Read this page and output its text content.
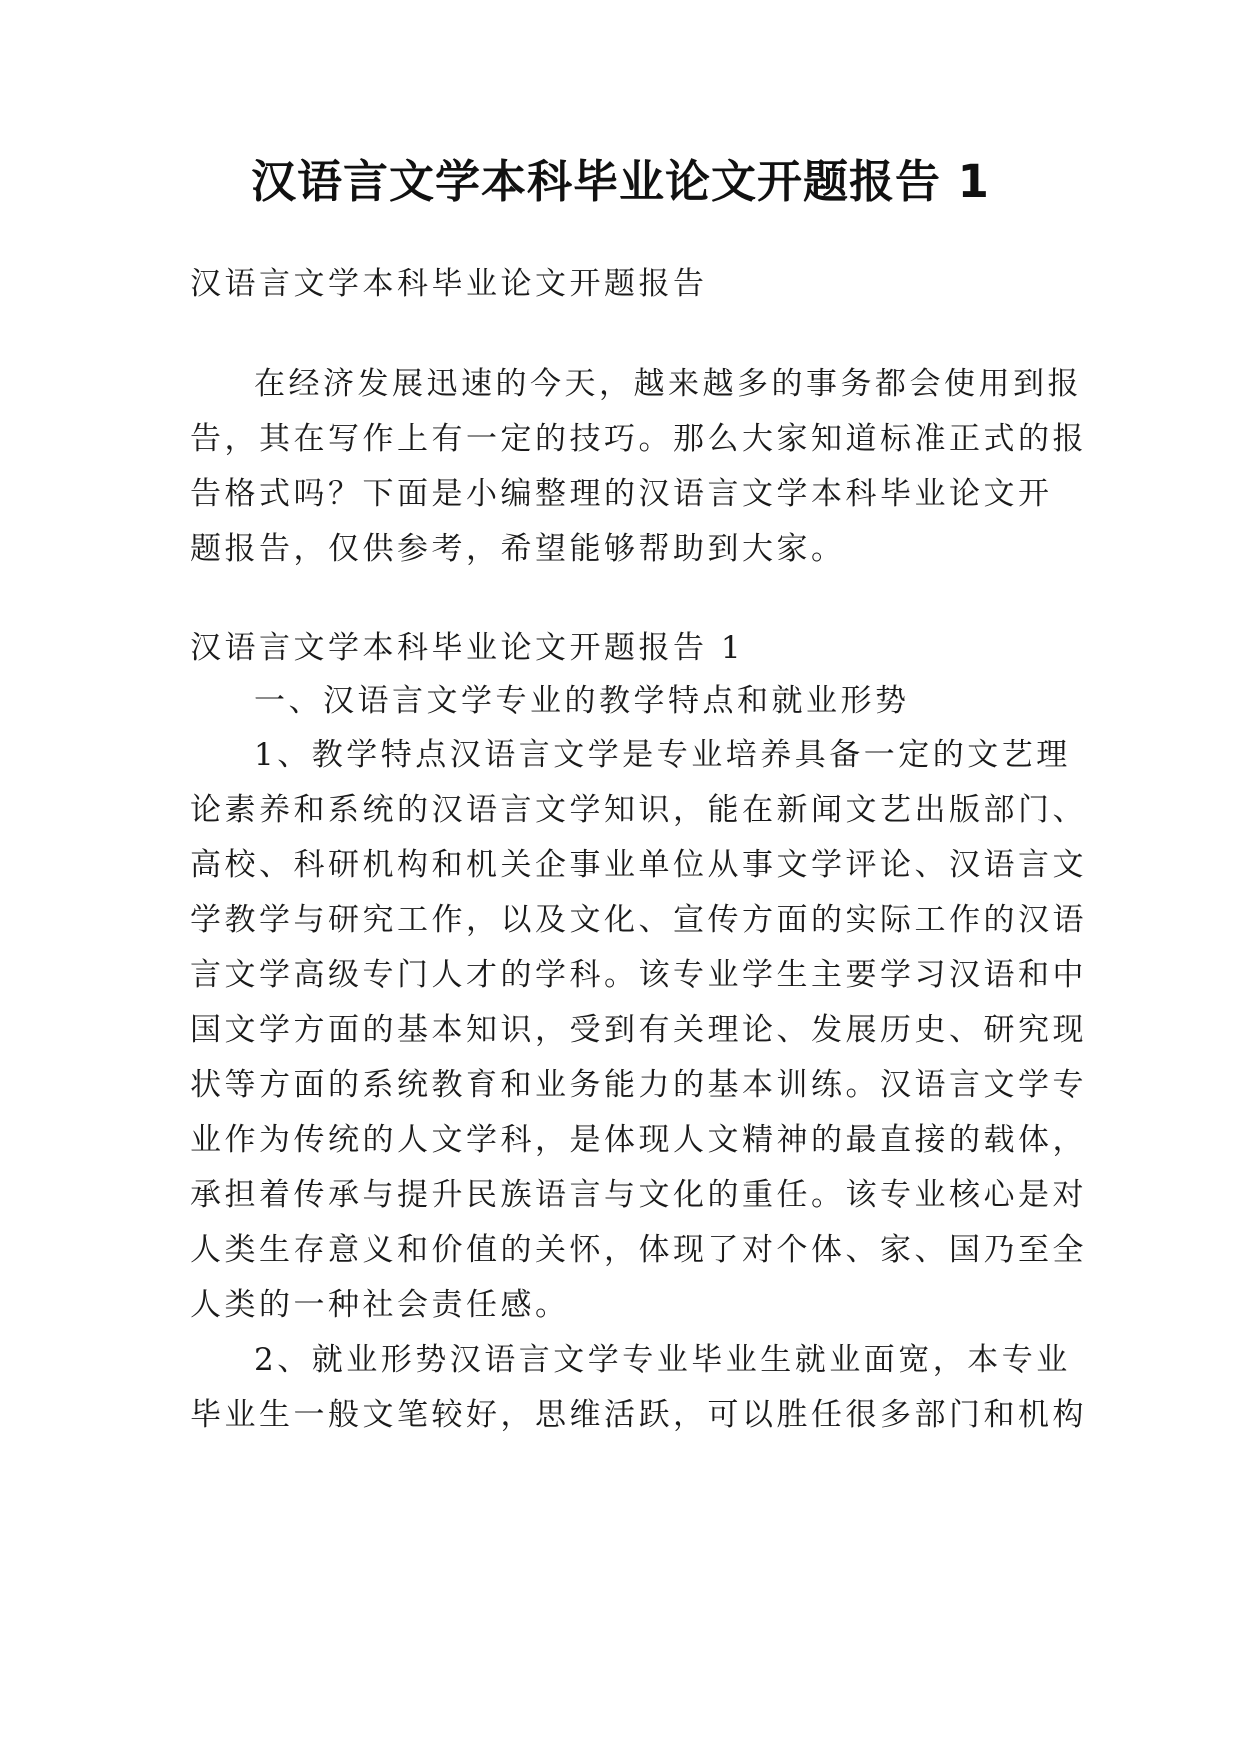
汉语言文学本科毕业论文开题报告 1
汉语言文学本科毕业论文开题报告
在经济发展迅速的今天，越来越多的事务都会使用到报
告，其在写作上有一定的技巧。那么大家知道标准正式的报
告格式吗？下面是小编整理的汉语言文学本科毕业论文开
题报告，仅供参考，希望能够帮助到大家。
汉语言文学本科毕业论文开题报告 1
一、汉语言文学专业的教学特点和就业形势
1、教学特点汉语言文学是专业培养具备一定的文艺理
论素养和系统的汉语言文学知识，能在新闻文艺出版部门、
高校、科研机构和机关企事业单位从事文学评论、汉语言文
学教学与研究工作，以及文化、宣传方面的实际工作的汉语
言文学高级专门人才的学科。该专业学生主要学习汉语和中
国文学方面的基本知识，受到有关理论、发展历史、研究现
状等方面的系统教育和业务能力的基本训练。汉语言文学专
业作为传统的人文学科，是体现人文精神的最直接的载体，
承担着传承与提升民族语言与文化的重任。该专业核心是对
人类生存意义和价值的关怀，体现了对个体、家、国乃至全
人类的一种社会责任感。
2、就业形势汉语言文学专业毕业生就业面宽，本专业
毕业生一般文笔较好，思维活跃，可以胜任很多部门和机构
